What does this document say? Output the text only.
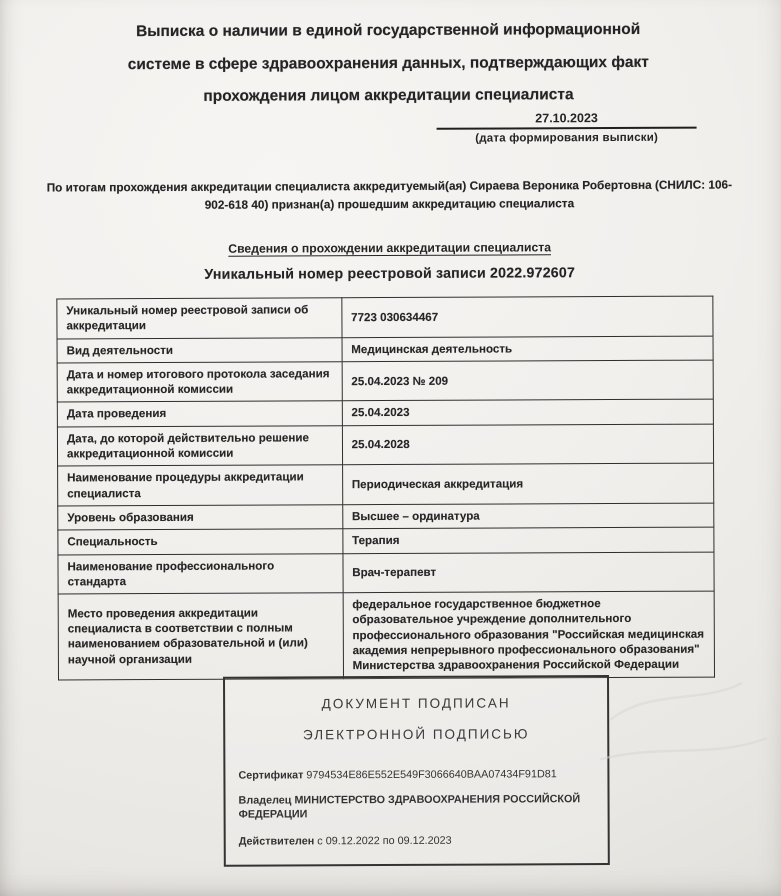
Выписка о наличии в единой государственной информационной
системе в сфере здравоохранения данных, подтверждающих факт
прохождения лицом аккредитации специалиста
27.10.2023
(дата формирования выписки)

По итогам прохождения аккредитации специалиста аккредитуемый(ая) Сираева Вероника Робертовна (СНИЛС: 106-902-618 40) признан(а) прошедшим аккредитацию специалиста

Сведения о прохождении аккредитации специалиста
Уникальный номер реестровой записи 2022.972607
Уникальный номер реестровой записи об аккредитации	7723 030634467
Вид деятельности	Медицинская деятельность
Дата и номер итогового протокола заседания аккредитационной комиссии	25.04.2023 № 209
Дата проведения	25.04.2023
Дата, до которой действительно решение аккредитационной комиссии	25.04.2028
Наименование процедуры аккредитации специалиста	Периодическая аккредитация
Уровень образования	Высшее – ординатура
Специальность	Терапия
Наименование профессионального стандарта	Врач-терапевт
Место проведения аккредитации специалиста в соответствии с полным наименованием образовательной и (или) научной организации	федеральное государственное бюджетное образовательное учреждение дополнительного профессионального образования "Российская медицинская академия непрерывного профессионального образования" Министерства здравоохранения Российской Федерации
ДОКУМЕНТ ПОДПИСАН
ЭЛЕКТРОННОЙ ПОДПИСЬЮ
Сертификат 9794534E86E552E549F3066640BAA07434F91D81
Владелец МИНИСТЕРСТВО ЗДРАВООХРАНЕНИЯ РОССИЙСКОЙ ФЕДЕРАЦИИ
Действителен с 09.12.2022 по 09.12.2023
